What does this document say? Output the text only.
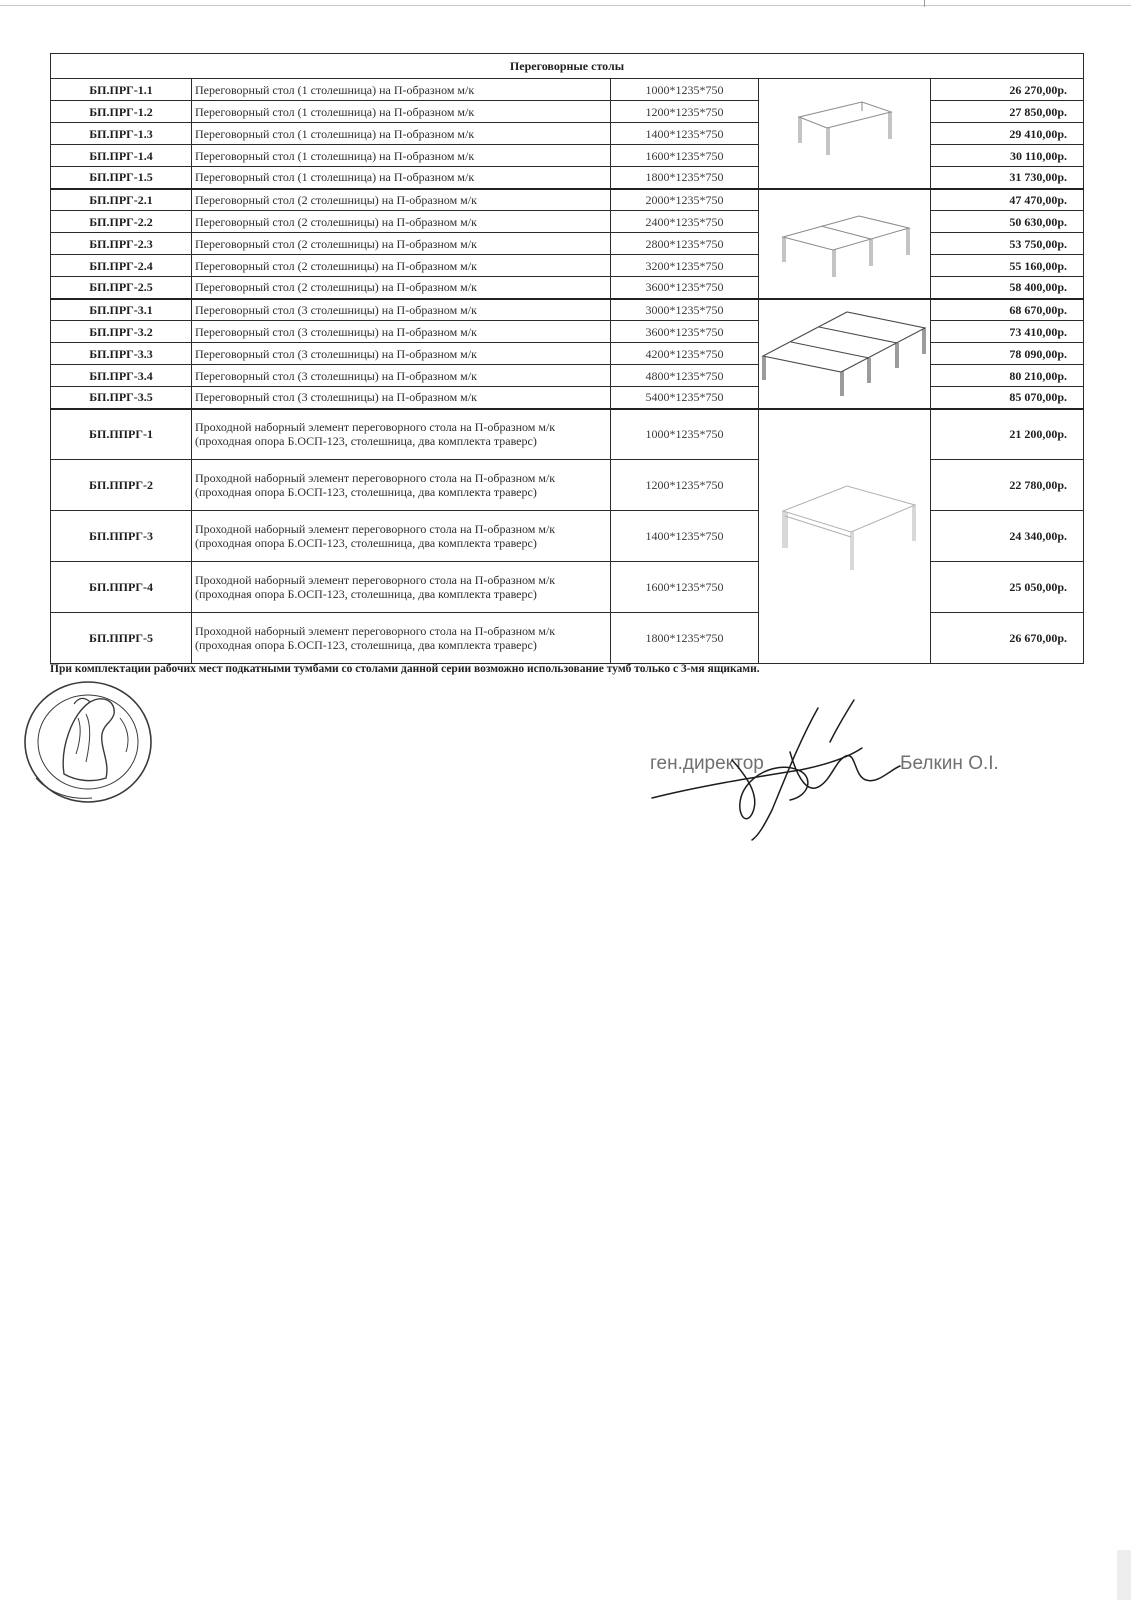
Переговорные столы				
БП.ПРГ-1.1	Переговорный стол (1 столешница) на П-образном м/к	1000*1235*750		26 270,00р.
БП.ПРГ-1.2	Переговорный стол (1 столешница) на П-образном м/к	1200*1235*750		27 850,00р.
БП.ПРГ-1.3	Переговорный стол (1 столешница) на П-образном м/к	1400*1235*750		29 410,00р.
БП.ПРГ-1.4	Переговорный стол (1 столешница) на П-образном м/к	1600*1235*750		30 110,00р.
БП.ПРГ-1.5	Переговорный стол (1 столешница) на П-образном м/к	1800*1235*750		31 730,00р.
БП.ПРГ-2.1	Переговорный стол (2 столешницы) на П-образном м/к	2000*1235*750		47 470,00р.
БП.ПРГ-2.2	Переговорный стол (2 столешницы) на П-образном м/к	2400*1235*750		50 630,00р.
БП.ПРГ-2.3	Переговорный стол (2 столешницы) на П-образном м/к	2800*1235*750		53 750,00р.
БП.ПРГ-2.4	Переговорный стол (2 столешницы) на П-образном м/к	3200*1235*750		55 160,00р.
БП.ПРГ-2.5	Переговорный стол (2 столешницы) на П-образном м/к	3600*1235*750		58 400,00р.
БП.ПРГ-3.1	Переговорный стол (3 столешницы) на П-образном м/к	3000*1235*750		68 670,00р.
БП.ПРГ-3.2	Переговорный стол (3 столешницы) на П-образном м/к	3600*1235*750		73 410,00р.
БП.ПРГ-3.3	Переговорный стол (3 столешницы) на П-образном м/к	4200*1235*750		78 090,00р.
БП.ПРГ-3.4	Переговорный стол (3 столешницы) на П-образном м/к	4800*1235*750		80 210,00р.
БП.ПРГ-3.5	Переговорный стол (3 столешницы) на П-образном м/к	5400*1235*750		85 070,00р.
БП.ППРГ-1	Проходной наборный элемент переговорного стола на П-образном м/к
(проходная опора Б.ОСП-123, столешница, два комплекта траверс)	1000*1235*750		21 200,00р.
БП.ППРГ-2	Проходной наборный элемент переговорного стола на П-образном м/к
(проходная опора Б.ОСП-123, столешница, два комплекта траверс)	1200*1235*750		22 780,00р.
БП.ППРГ-3	Проходной наборный элемент переговорного стола на П-образном м/к
(проходная опора Б.ОСП-123, столешница, два комплекта траверс)	1400*1235*750		24 340,00р.
БП.ППРГ-4	Проходной наборный элемент переговорного стола на П-образном м/к
(проходная опора Б.ОСП-123, столешница, два комплекта траверс)	1600*1235*750		25 050,00р.
БП.ППРГ-5	Проходной наборный элемент переговорного стола на П-образном м/к
(проходная опора Б.ОСП-123, столешница, два комплекта траверс)	1800*1235*750		26 670,00р.
При комплектации рабочих мест подкатными тумбами со столами данной серии возможно использование тумб только с 3-мя ящиками.
ген.директор	Белкин О.І.
